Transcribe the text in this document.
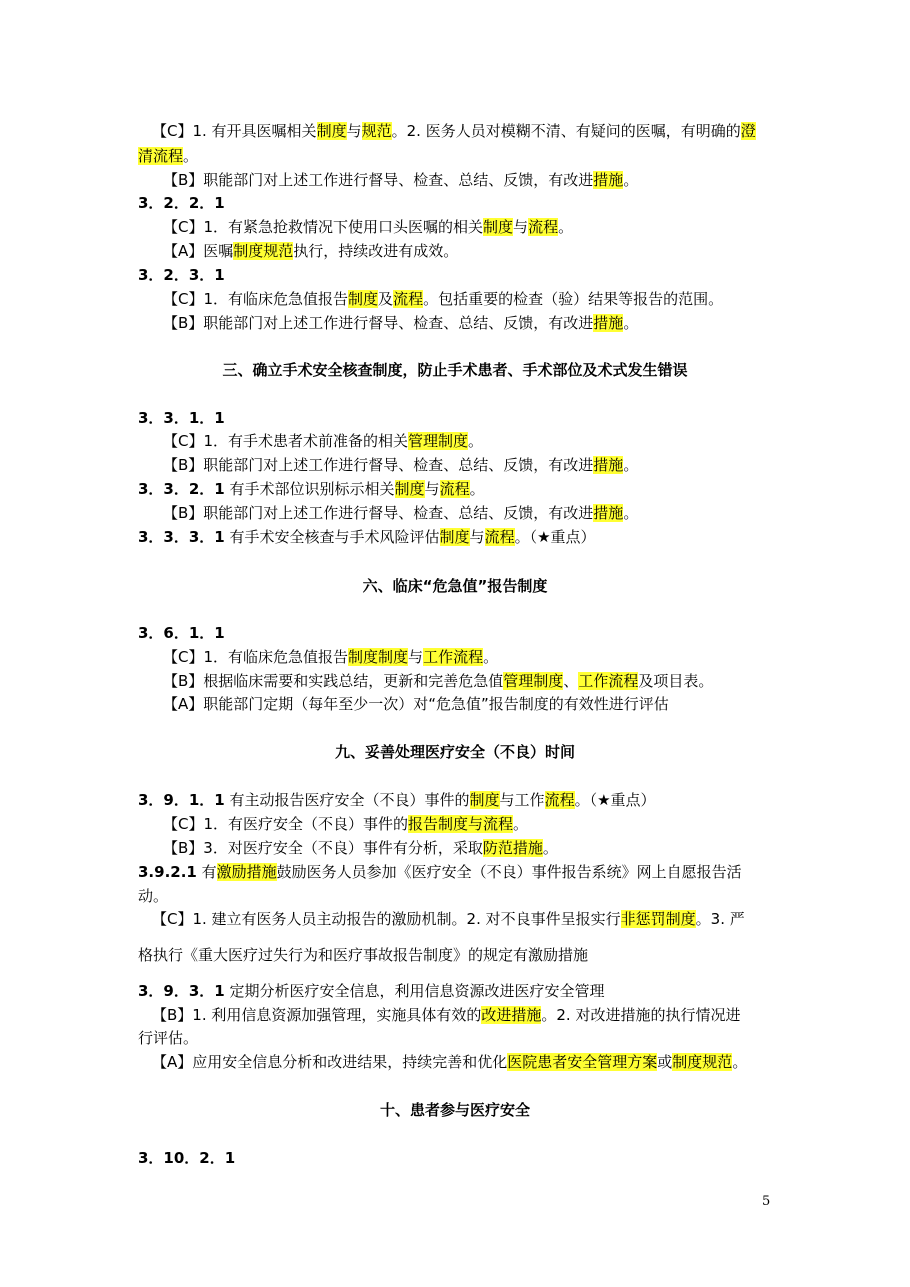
【C】1. 有开具医嘱相关制度与规范。2. 医务人员对模糊不清、有疑问的医嘱，有明确的澄
清流程。
【B】职能部门对上述工作进行督导、检查、总结、反馈，有改进措施。
3．2．2．1
【C】1．有紧急抢救情况下使用口头医嘱的相关制度与流程。
【A】医嘱制度规范执行，持续改进有成效。
3．2．3．1
【C】1．有临床危急值报告制度及流程。包括重要的检查（验）结果等报告的范围。
【B】职能部门对上述工作进行督导、检查、总结、反馈，有改进措施。
三、确立手术安全核查制度，防止手术患者、手术部位及术式发生错误
3．3．1．1
【C】1．有手术患者术前准备的相关管理制度。
【B】职能部门对上述工作进行督导、检查、总结、反馈，有改进措施。
3．3．2．1 有手术部位识别标示相关制度与流程。
【B】职能部门对上述工作进行督导、检查、总结、反馈，有改进措施。
3．3．3．1 有手术安全核查与手术风险评估制度与流程。（★重点）
六、临床“危急值”报告制度
3．6．1．1
【C】1．有临床危急值报告制度制度与工作流程。
【B】根据临床需要和实践总结，更新和完善危急值管理制度、工作流程及项目表。
【A】职能部门定期（每年至少一次）对“危急值”报告制度的有效性进行评估
九、妥善处理医疗安全（不良）时间
3．9．1．1 有主动报告医疗安全（不良）事件的制度与工作流程。（★重点）
【C】1．有医疗安全（不良）事件的报告制度与流程。
【B】3．对医疗安全（不良）事件有分析，采取防范措施。
3.9.2.1 有激励措施鼓励医务人员参加《医疗安全（不良）事件报告系统》网上自愿报告活
动。
【C】1. 建立有医务人员主动报告的激励机制。2. 对不良事件呈报实行非惩罚制度。3. 严
格执行《重大医疗过失行为和医疗事故报告制度》的规定有激励措施
3．9．3．1 定期分析医疗安全信息，利用信息资源改进医疗安全管理
【B】1. 利用信息资源加强管理，实施具体有效的改进措施。2. 对改进措施的执行情况进
行评估。
【A】应用安全信息分析和改进结果，持续完善和优化医院患者安全管理方案或制度规范。
十、患者参与医疗安全
3．10．2．1
5
